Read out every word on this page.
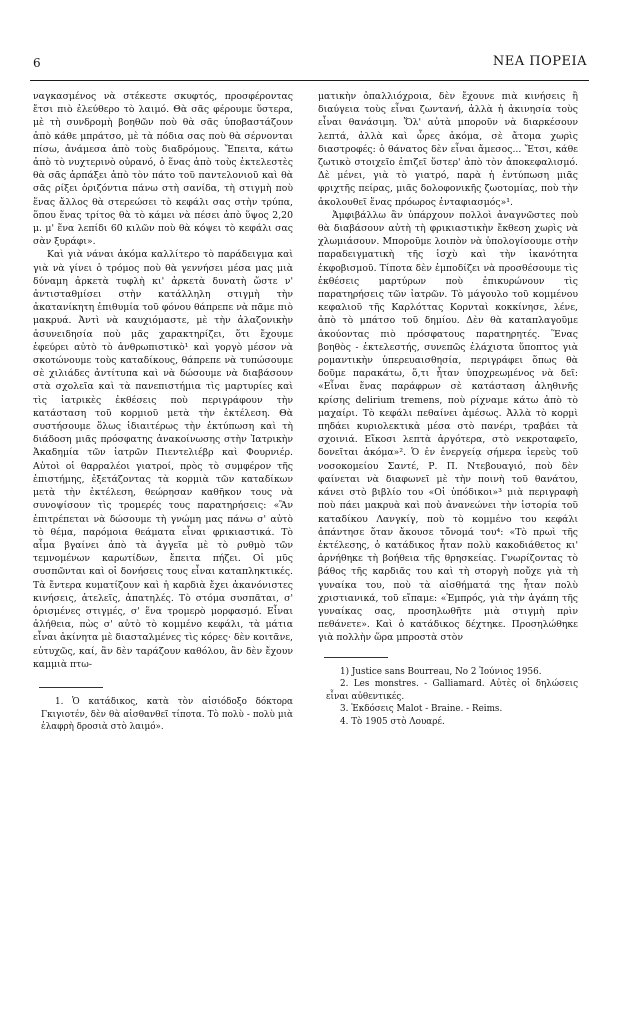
6	ΝΕΑ ΠΟΡΕΙΑ

ναγκασμένος νὰ στέκεστε σκυφτός, προσφέροντας ἔτσι πιὸ ἐλεύθερο τὸ λαιμό. Θὰ σᾶς φέρουμε ὕστερα, μὲ τὴ συνδρομὴ βοηθῶν ποὺ θὰ σᾶς ὑποβαστάζουν ἀπὸ κάθε μπράτσο, μὲ τὰ πόδια σας ποὺ θὰ σέρνονται πίσω, ἀνάμεσα ἀπὸ τοὺς διαδρόμους. Ἔπειτα, κάτω ἀπὸ τὸ νυχτερινὸ οὐρανό, ὁ ἕνας ἀπὸ τοὺς ἐκτελεστὲς θὰ σᾶς ἁρπάξει ἀπὸ τὸν πάτο τοῦ παντελονιοῦ καὶ θὰ σᾶς ρίξει ὁριζόντια πάνω στὴ σανίδα, τὴ στιγμὴ ποὺ ἕνας ἄλλος θὰ στερεώσει τὸ κεφάλι σας στὴν τρύπα, ὅπου ἕνας τρίτος θὰ τὸ κάμει νὰ πέσει ἀπὸ ὕψος 2,20 μ. μ' ἕνα λεπίδι 60 κιλῶν ποὺ θὰ κόψει τὸ κεφάλι σας σὰν ξυράφι».

Καὶ γιὰ νάναι ἀκόμα καλλίτερο τὸ παράδειγμα καὶ γιὰ νὰ γίνει ὁ τρόμος ποὺ θὰ γεννήσει μέσα μας μιὰ δύναμη ἀρκετὰ τυφλὴ κι' ἀρκετὰ δυνατὴ ὥστε ν' ἀντισταθμίσει στὴν κατάλληλη στιγμὴ τὴν ἀκατανίκητη ἐπιθυμία τοῦ φόνου θάπρεπε νὰ πᾶμε πιὸ μακρυά. Ἀντὶ νὰ καυχιόμαστε, μὲ τὴν ἀλαζονικὴν ἀσυνειδησία ποὺ μᾶς χαρακτηρίζει, ὅτι ἔχουμε ἐφεύρει αὐτὸ τὸ ἀνθρωπιστικὸ¹ καὶ γοργὸ μέσον νὰ σκοτώνουμε τοὺς καταδίκους, θάπρεπε νὰ τυπώσουμε σὲ χιλιάδες ἀντίτυπα καὶ νὰ δώσουμε νὰ διαβάσουν στὰ σχολεῖα καὶ τὰ πανεπιστήμια τὶς μαρτυρίες καὶ τὶς ἰατρικὲς ἐκθέσεις ποὺ περιγράφουν τὴν κατάσταση τοῦ κορμιοῦ μετὰ τὴν ἐκτέλεση. Θὰ συστήσουμε ὅλως ἰδιαιτέρως τὴν ἐκτύπωση καὶ τὴ διάδοση μιᾶς πρόσφατης ἀνακοίνωσης στὴν Ἰατρικὴν Ἀκαδημία τῶν ἰατρῶν Πιεντελιέβρ καὶ Φουρνιέρ. Αὐτοὶ οἱ θαρραλέοι γιατροί, πρὸς τὸ συμφέρον τῆς ἐπιστήμης, ἐξετάζοντας τὰ κορμιὰ τῶν καταδίκων μετὰ τὴν ἐκτέλεση, θεώρησαν καθῆκον τους νὰ συνοψίσουν τὶς τρομερές τους παρατηρήσεις: «Ἂν ἐπιτρέπεται νὰ δώσουμε τὴ γνώμη μας πάνω σ' αὐτὸ τὸ θέμα, παρόμοια θεάματα εἶναι φρικιαστικά. Τὸ αἷμα βγαίνει ἀπὸ τὰ ἀγγεῖα μὲ τὸ ρυθμὸ τῶν τεμνομένων καρωτίδων, ἔπειτα πήζει. Οἱ μῦς συσπῶνται καὶ οἱ δονήσεις τους εἶναι καταπληκτικές. Τὰ ἔντερα κυματίζουν καὶ ἡ καρδιὰ ἔχει ἀκανόνιστες κινήσεις, ἀτελεῖς, ἀπατηλές. Τὸ στόμα συσπᾶται, σ' ὁρισμένες στιγμές, σ' ἕνα τρομερὸ μορφασμό. Εἶναι ἀλήθεια, πὼς σ' αὐτὸ τὸ κομμένο κεφάλι, τὰ μάτια εἶναι ἀκίνητα μὲ διασταλμένες τὶς κόρες· δὲν κοιτᾶνε, εὐτυχῶς, καί, ἂν δὲν ταράζουν καθόλου, ἂν δὲν ἔχουν καμμιὰ πτω-

1. Ὁ κατάδικος, κατὰ τὸν αἰσιόδοξο δόκτορα Γκιγιοτέν, δὲν θὰ αἰσθανθεῖ τίποτα. Τὸ πολὺ - πολὺ μιὰ ἐλαφρὴ δροσιὰ στὸ λαιμό».

ματικὴν ὀπαλλιόχροια, δὲν ἔχουνε πιὰ κινήσεις ἢ διαύγεια τοὺς εἶναι ζωντανή, ἀλλὰ ἡ ἀκινησία τοὺς εἶναι θανάσιμη. Ὅλ' αὐτὰ μποροῦν νὰ διαρκέσουν λεπτά, ἀλλὰ καὶ ὧρες ἀκόμα, σὲ ἄτομα χωρὶς διαστροφές: ὁ θάνατος δὲν εἶναι ἄμεσος... Ἔτσι, κάθε ζωτικὸ στοιχεῖο ἐπιζεῖ ὕστερ' ἀπὸ τὸν ἀποκεφαλισμό. Δὲ μένει, γιὰ τὸ γιατρό, παρὰ ἡ ἐντύπωση μιᾶς φριχτῆς πείρας, μιᾶς δολοφονικῆς ζωοτομίας, ποὺ τὴν ἀκολουθεῖ ἕνας πρόωρος ἐνταφιασμός»¹.

Ἀμφιβάλλω ἂν ὑπάρχουν πολλοὶ ἀναγνῶστες ποὺ θὰ διαβάσουν αὐτὴ τὴ φρικιαστικὴν ἔκθεση χωρὶς νὰ χλωμιάσουν. Μποροῦμε λοιπὸν νὰ ὑπολογίσουμε στὴν παραδειγματικὴ τῆς ἰσχὺ καὶ τὴν ἱκανότητα ἐκφοβισμοῦ. Τίποτα δὲν ἐμποδίζει νὰ προσθέσουμε τὶς ἐκθέσεις μαρτύρων ποὺ ἐπικυρώνουν τὶς παρατηρήσεις τῶν ἰατρῶν. Τὸ μάγουλο τοῦ κομμένου κεφαλιοῦ τῆς Καρλόττας Κορνταὶ κοκκίνησε, λένε, ἀπὸ τὸ μπάτσο τοῦ δημίου. Δὲν θὰ καταπλαγοῦμε ἀκούοντας πιὸ πρόσφατους παρατηρητές. Ἕνας βοηθὸς - ἐκτελεστής, συνεπῶς ἐλάχιστα ὕποπτος γιὰ ρομαντικὴν ὑπερευαισθησία, περιγράφει ὅπως θὰ δοῦμε παρακάτω, ὅ,τι ἦταν ὑποχρεωμένος νὰ δεῖ: «Εἶναι ἕνας παράφρων σὲ κατάσταση ἀληθινῆς κρίσης delirium tremens, ποὺ ρίχναμε κάτω ἀπὸ τὸ μαχαίρι. Τὸ κεφάλι πεθαίνει ἀμέσως. Ἀλλὰ τὸ κορμὶ πηδάει κυριολεκτικὰ μέσα στὸ πανέρι, τραβάει τὰ σχοινιά. Εἴκοσι λεπτὰ ἀργότερα, στὸ νεκροταφεῖο, δονεῖται ἀκόμα»². Ὁ ἐν ἐνεργείᾳ σήμερα ἱερεὺς τοῦ νοσοκομείου Σαντέ, Ρ. Π. Ντεβουαγιό, ποὺ δὲν φαίνεται νὰ διαφωνεῖ μὲ τὴν ποινὴ τοῦ θανάτου, κάνει στὸ βιβλίο του «Οἱ ὑπόδικοι»³ μιὰ περιγραφὴ ποὺ πάει μακρυὰ καὶ ποὺ ἀνανεώνει τὴν ἱστορία τοῦ καταδίκου Λανγκίγ, ποὺ τὸ κομμένο του κεφάλι ἀπάντησε ὅταν ἄκουσε τὄνομά του⁴: «Τὸ πρωὶ τῆς ἐκτέλεσης, ὁ κατάδικος ἦταν πολὺ κακοδιάθετος κι' ἀρνήθηκε τὴ βοήθεια τῆς θρησκείας. Γνωρίζοντας τὸ βάθος τῆς καρδιᾶς του καὶ τὴ στοργὴ ποὔχε γιὰ τὴ γυναίκα του, ποὺ τὰ αἰσθήματά της ἦταν πολὺ χριστιανικά, τοῦ εἴπαμε: «Ἐμπρός, γιὰ τὴν ἀγάπη τῆς γυναίκας σας, προσηλωθῆτε μιὰ στιγμὴ πρὶν πεθάνετε». Καὶ ὁ κατάδικος δέχτηκε. Προσηλώθηκε γιὰ πολλὴν ὥρα μπροστὰ στὸν

1) Justice sans Bourreau, No 2 Ἰούνιος 1956.

2. Les monstres. - Galliamard. Αὐτὲς οἱ δηλώσεις εἶναι αὐθεντικές.

3. Ἐκδόσεις Malot - Braine. - Reims.

4. Τὸ 1905 στὸ Λουαρέ.
